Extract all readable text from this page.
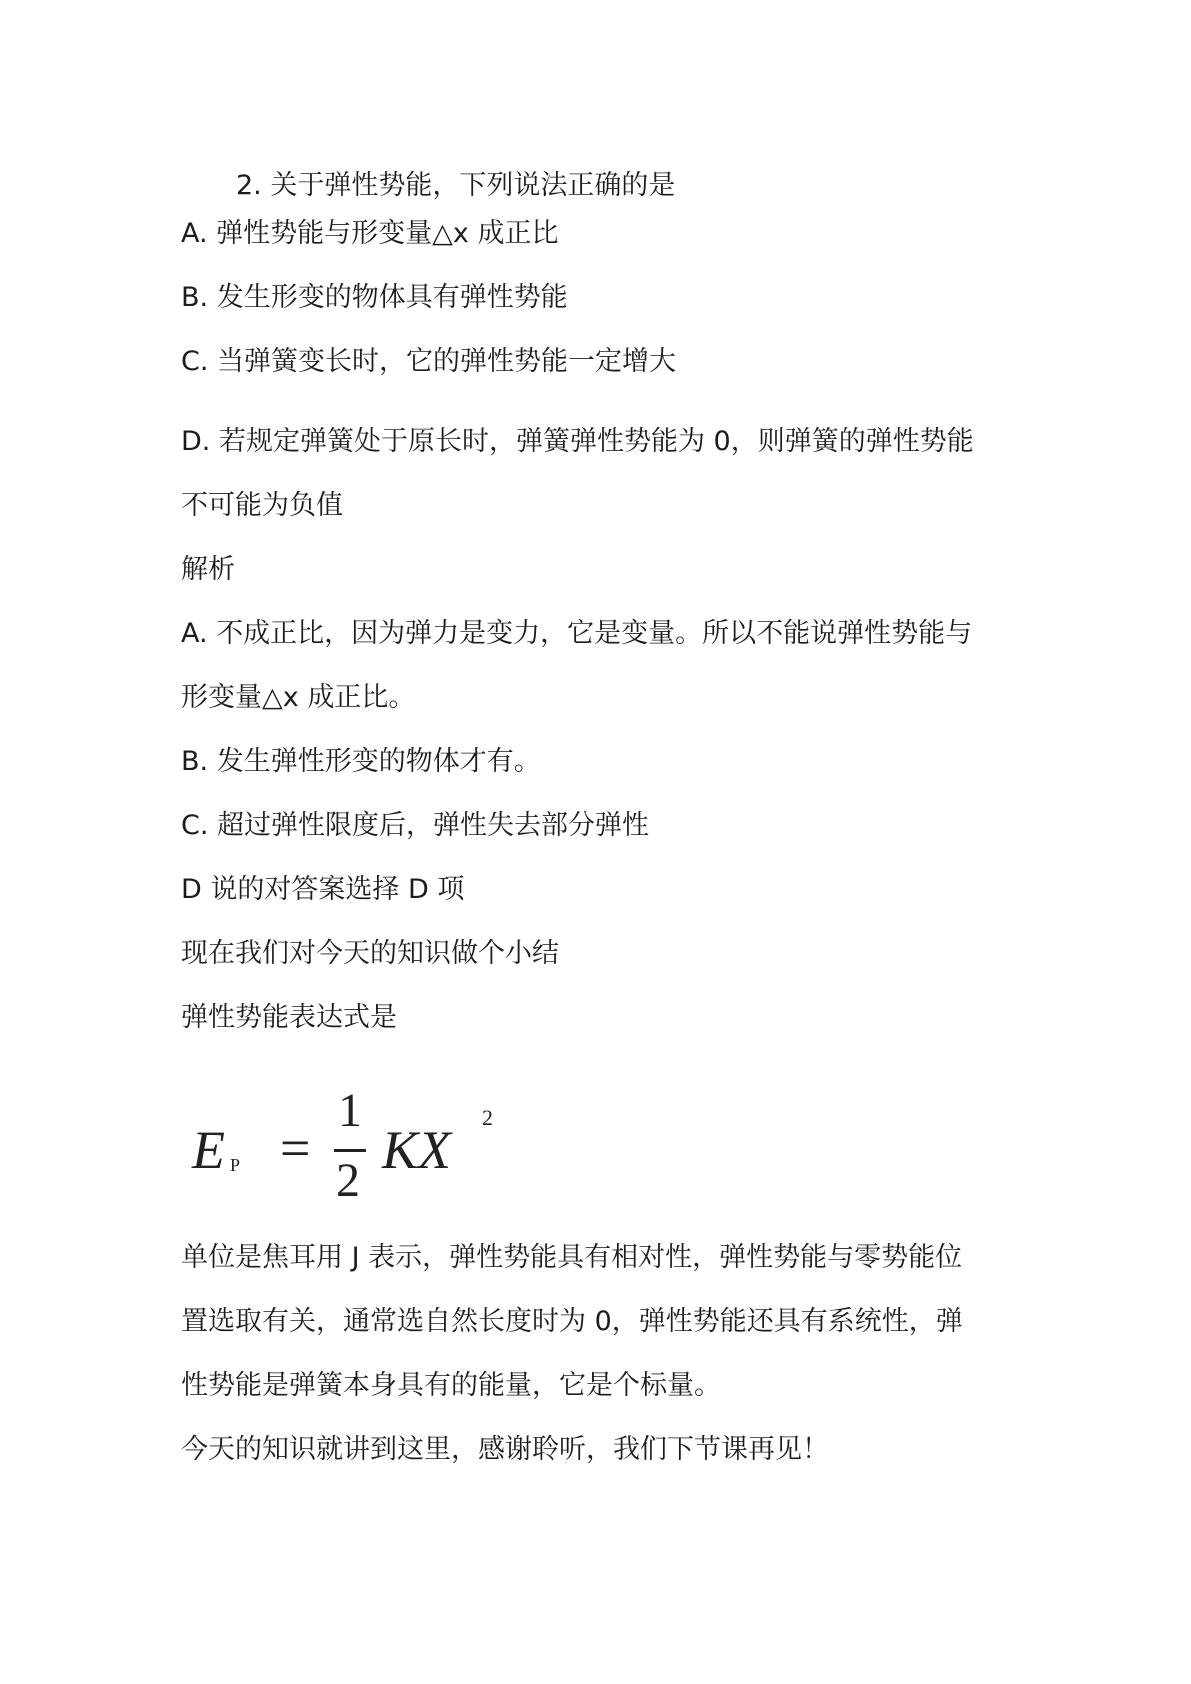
2. 关于弹性势能，下列说法正确的是
A. 弹性势能与形变量△x 成正比
B. 发生形变的物体具有弹性势能
C. 当弹簧变长时，它的弹性势能一定增大
D. 若规定弹簧处于原长时，弹簧弹性势能为 0，则弹簧的弹性势能
不可能为负值
解析
A. 不成正比，因为弹力是变力，它是变量。所以不能说弹性势能与
形变量△x 成正比。
B. 发生弹性形变的物体才有。
C. 超过弹性限度后，弹性失去部分弹性
D 说的对答案选择 D 项
现在我们对今天的知识做个小结
弹性势能表达式是
E P =
1
2
KX
2
单位是焦耳用 J 表示，弹性势能具有相对性，弹性势能与零势能位
置选取有关，通常选自然长度时为 0，弹性势能还具有系统性，弹
性势能是弹簧本身具有的能量，它是个标量。
今天的知识就讲到这里，感谢聆听，我们下节课再见！
